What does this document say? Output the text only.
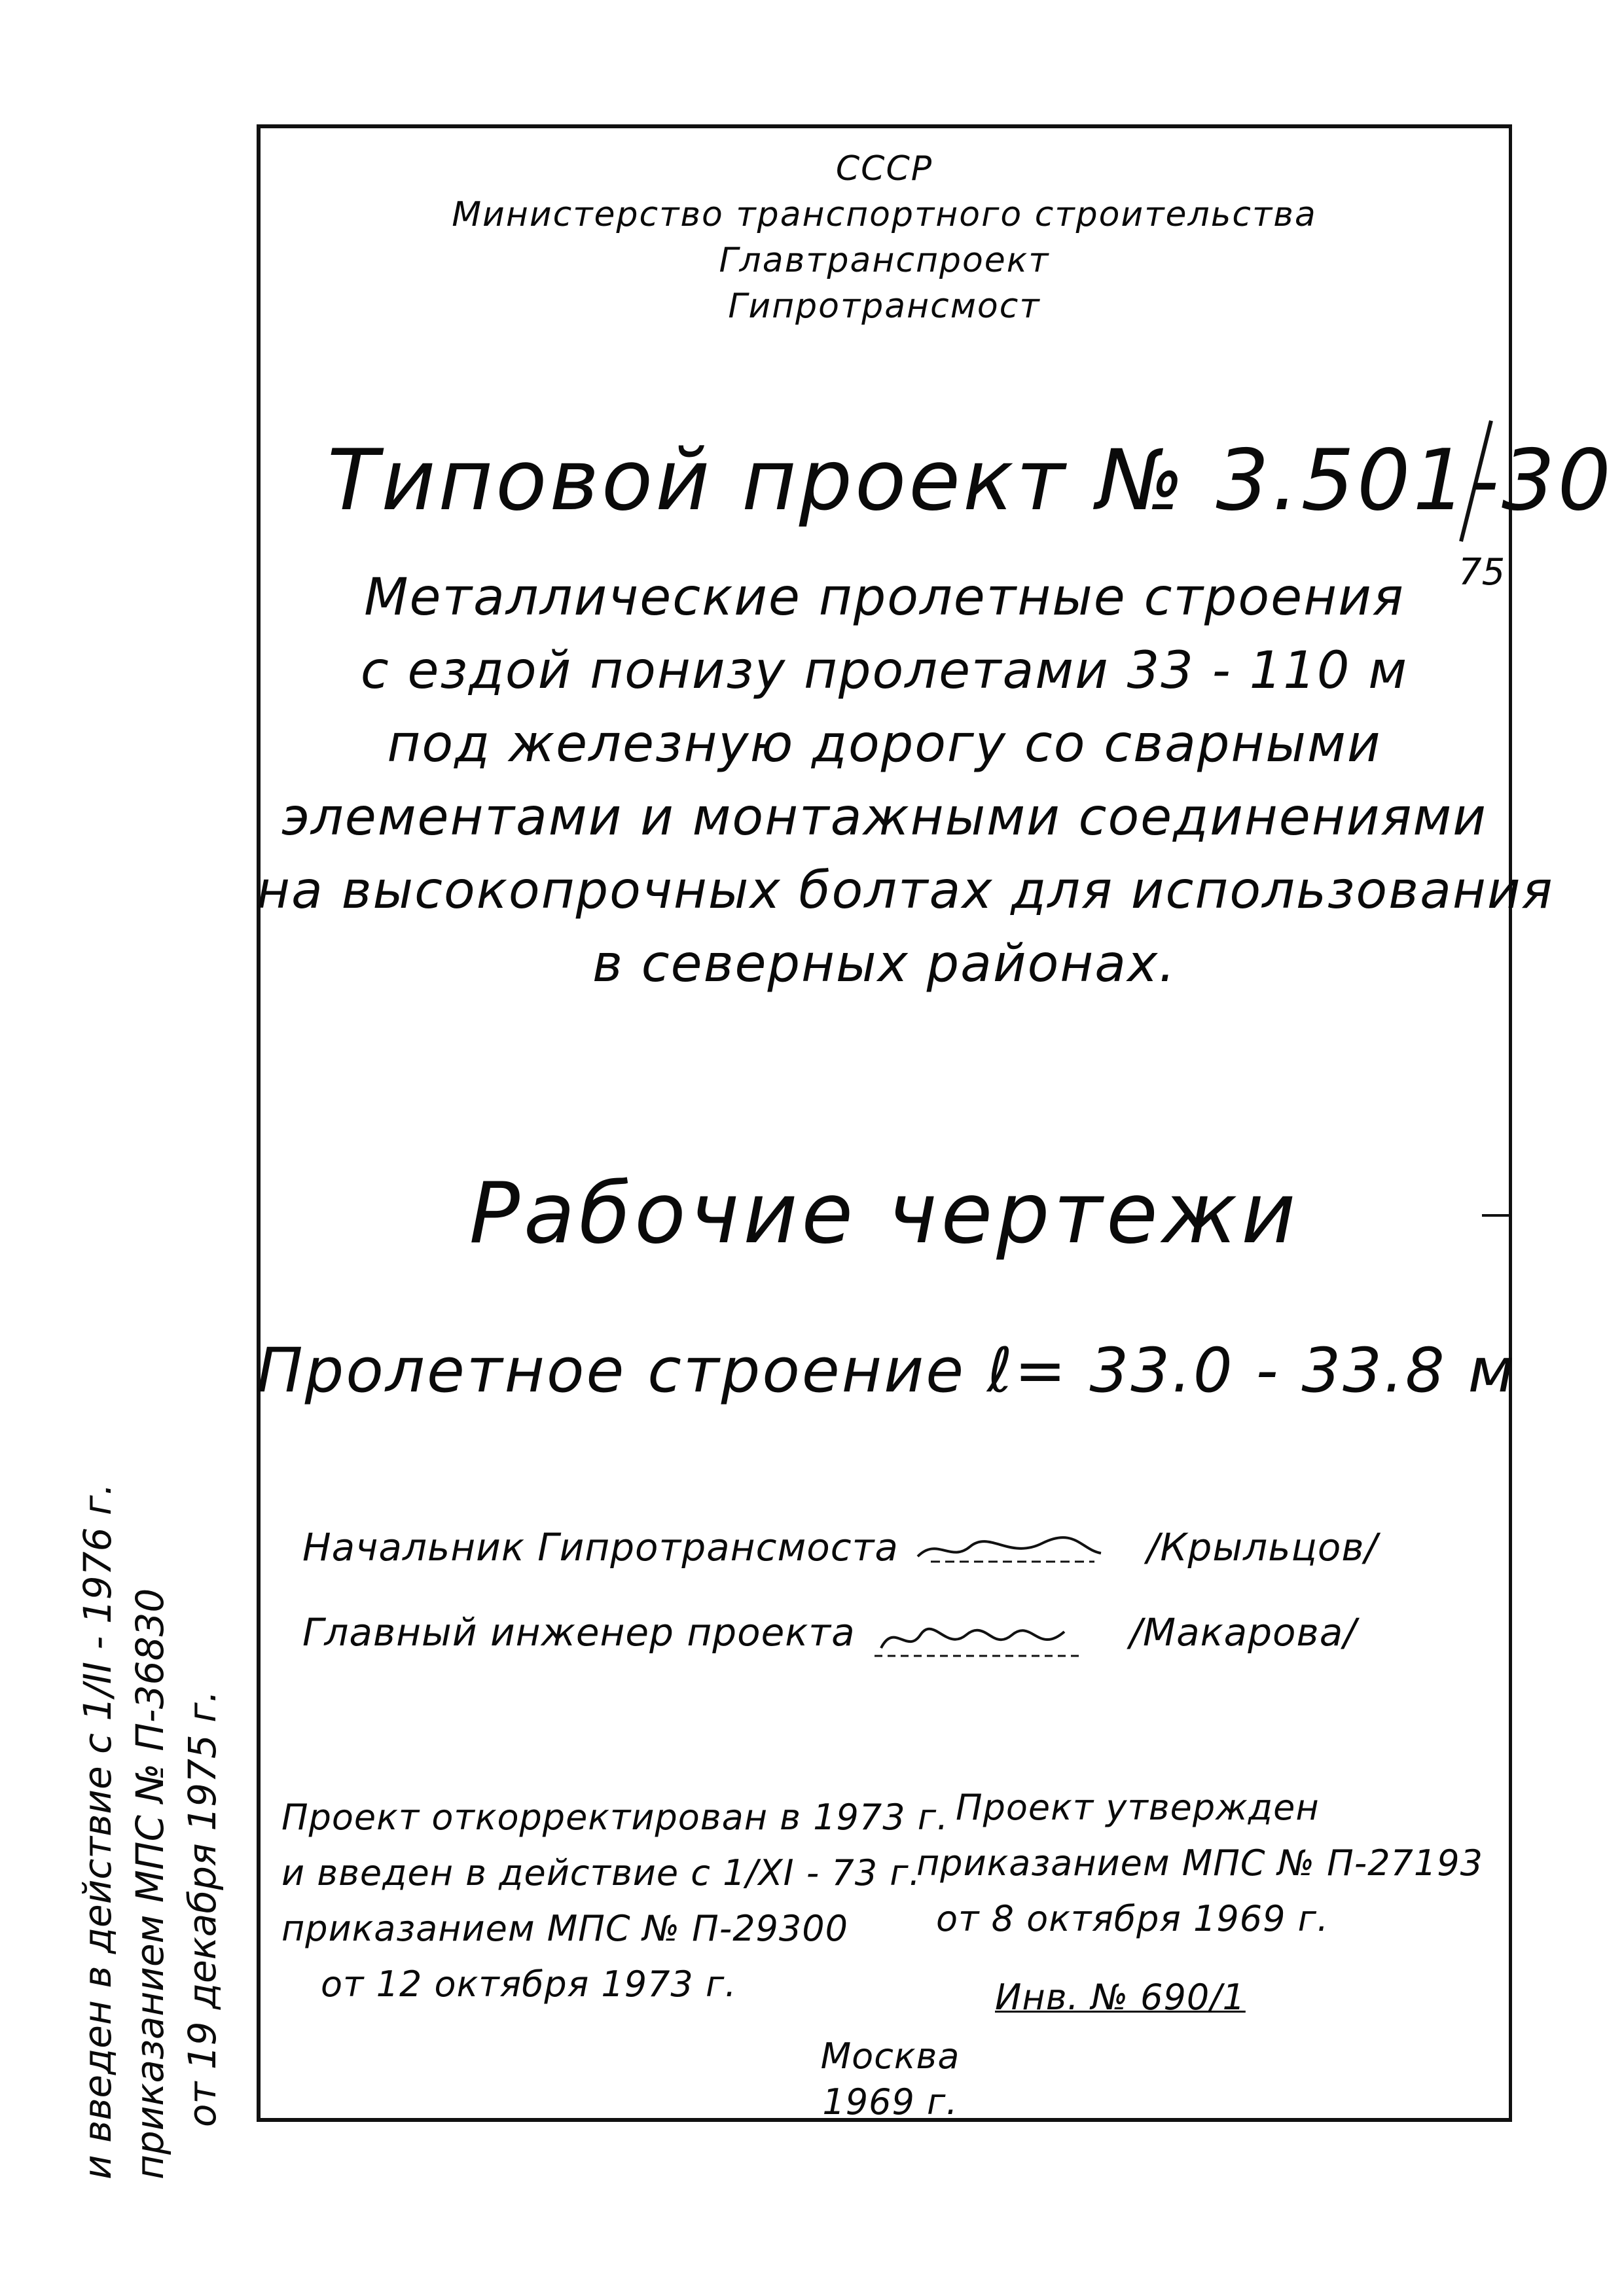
СССР
Министерство транспортного строительства
Главтранспроект
Гипротрансмост
Типовой проект № 3.501-30
75
Металлические пролетные строения
с ездой понизу пролетами 33 - 110 м
под железную дорогу со сварными
элементами и монтажными соединениями
на высокопрочных болтах для использования
в северных районах.
Рабочие чертежи
Пролетное строение ℓ= 33.0 - 33.8 м
Начальник Гипротрансмоста	/Крыльцов/
Главный инженер проекта	/Макарова/
Проект откорректирован в 1973 г.
и введен в действие с 1/XI - 73 г.
приказанием МПС № П-29300
от 12 октября 1973 г.
Проект утвержден
приказанием МПС № П-27193
от 8 октября 1969 г.
Инв. № 690/1
Москва
1969 г.
и введен в действие с 1/II - 1976 г. приказанием МПС № П-36830 от 19 декабря 1975 г.
